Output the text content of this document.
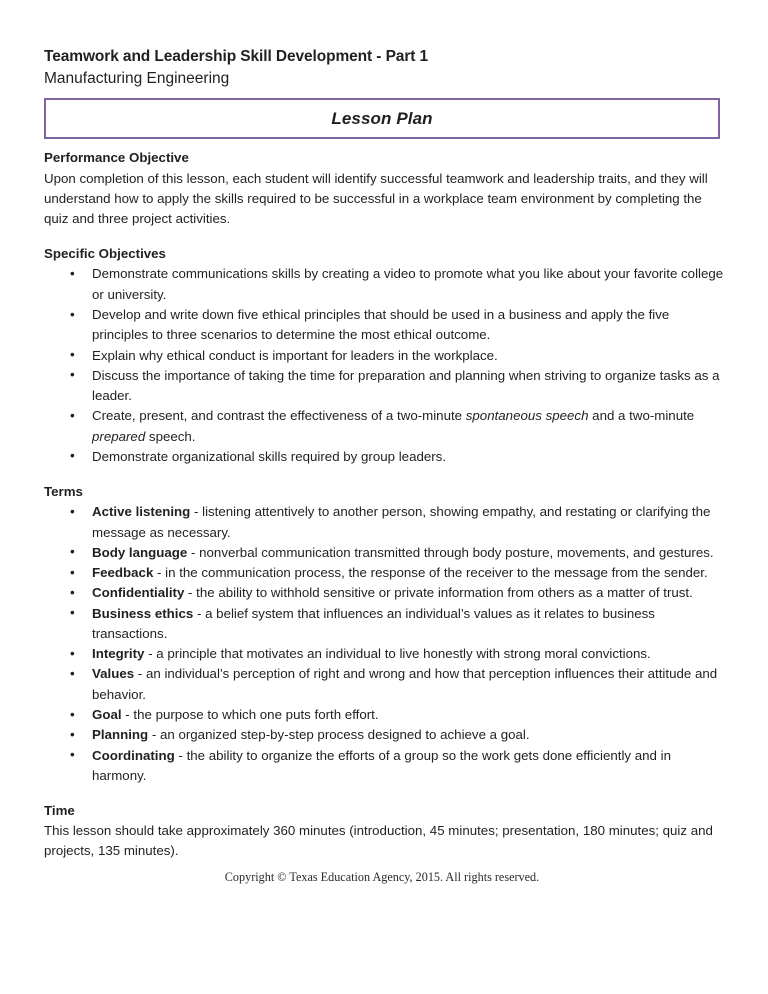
Teamwork and Leadership Skill Development - Part 1
Manufacturing Engineering
Lesson Plan
Performance Objective

Upon completion of this lesson, each student will identify successful teamwork and leadership traits, and they will understand how to apply the skills required to be successful in a workplace team environment by completing the quiz and three project activities.

Specific Objectives
• Demonstrate communications skills by creating a video to promote what you like about your favorite college or university.
• Develop and write down five ethical principles that should be used in a business and apply the five principles to three scenarios to determine the most ethical outcome.
• Explain why ethical conduct is important for leaders in the workplace.
• Discuss the importance of taking the time for preparation and planning when striving to organize tasks as a leader.
• Create, present, and contrast the effectiveness of a two-minute spontaneous speech and a two-minute prepared speech.
• Demonstrate organizational skills required by group leaders.
Terms
• Active listening - listening attentively to another person, showing empathy, and restating or clarifying the message as necessary.
• Body language - nonverbal communication transmitted through body posture, movements, and gestures.
• Feedback - in the communication process, the response of the receiver to the message from the sender.
• Confidentiality - the ability to withhold sensitive or private information from others as a matter of trust.
• Business ethics - a belief system that influences an individual’s values as it relates to business transactions.
• Integrity - a principle that motivates an individual to live honestly with strong moral convictions.
• Values - an individual’s perception of right and wrong and how that perception influences their attitude and behavior.
• Goal - the purpose to which one puts forth effort.
• Planning - an organized step-by-step process designed to achieve a goal.
• Coordinating - the ability to organize the efforts of a group so the work gets done efficiently and in harmony.
Time

This lesson should take approximately 360 minutes (introduction, 45 minutes; presentation, 180 minutes; quiz and projects, 135 minutes).

Copyright © Texas Education Agency, 2015. All rights reserved.
